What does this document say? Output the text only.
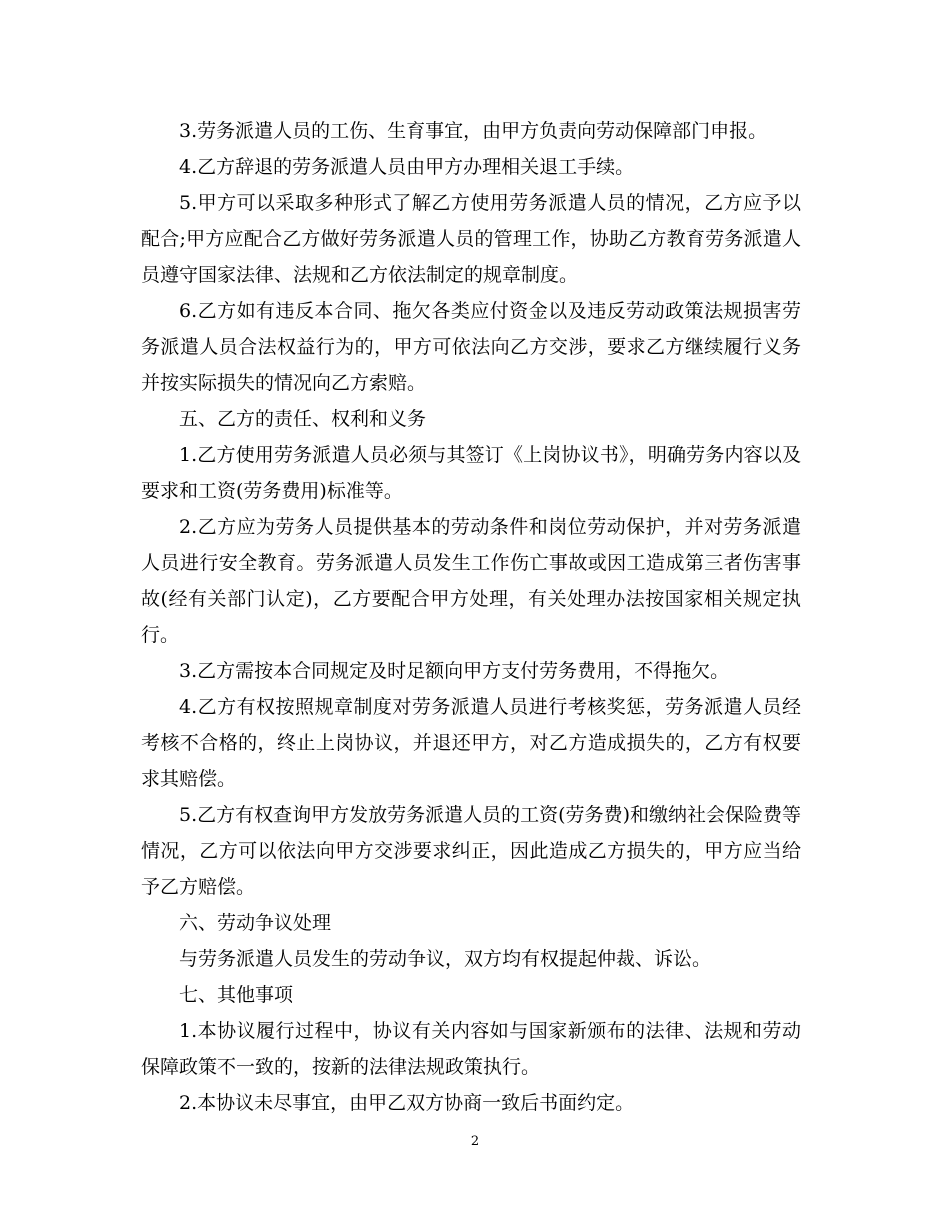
3.劳务派遣人员的工伤、生育事宜，由甲方负责向劳动保障部门申报。

4.乙方辞退的劳务派遣人员由甲方办理相关退工手续。

5.甲方可以采取多种形式了解乙方使用劳务派遣人员的情况，乙方应予以配合;甲方应配合乙方做好劳务派遣人员的管理工作，协助乙方教育劳务派遣人员遵守国家法律、法规和乙方依法制定的规章制度。

6.乙方如有违反本合同、拖欠各类应付资金以及违反劳动政策法规损害劳务派遣人员合法权益行为的，甲方可依法向乙方交涉，要求乙方继续履行义务并按实际损失的情况向乙方索赔。

五、乙方的责任、权利和义务

1.乙方使用劳务派遣人员必须与其签订《上岗协议书》，明确劳务内容以及要求和工资(劳务费用)标准等。

2.乙方应为劳务人员提供基本的劳动条件和岗位劳动保护，并对劳务派遣人员进行安全教育。劳务派遣人员发生工作伤亡事故或因工造成第三者伤害事故(经有关部门认定)，乙方要配合甲方处理，有关处理办法按国家相关规定执行。

3.乙方需按本合同规定及时足额向甲方支付劳务费用，不得拖欠。

4.乙方有权按照规章制度对劳务派遣人员进行考核奖惩，劳务派遣人员经考核不合格的，终止上岗协议，并退还甲方，对乙方造成损失的，乙方有权要求其赔偿。

5.乙方有权查询甲方发放劳务派遣人员的工资(劳务费)和缴纳社会保险费等情况，乙方可以依法向甲方交涉要求纠正，因此造成乙方损失的，甲方应当给予乙方赔偿。

六、劳动争议处理

与劳务派遣人员发生的劳动争议，双方均有权提起仲裁、诉讼。

七、其他事项

1.本协议履行过程中，协议有关内容如与国家新颁布的法律、法规和劳动保障政策不一致的，按新的法律法规政策执行。

2.本协议未尽事宜，由甲乙双方协商一致后书面约定。

2
